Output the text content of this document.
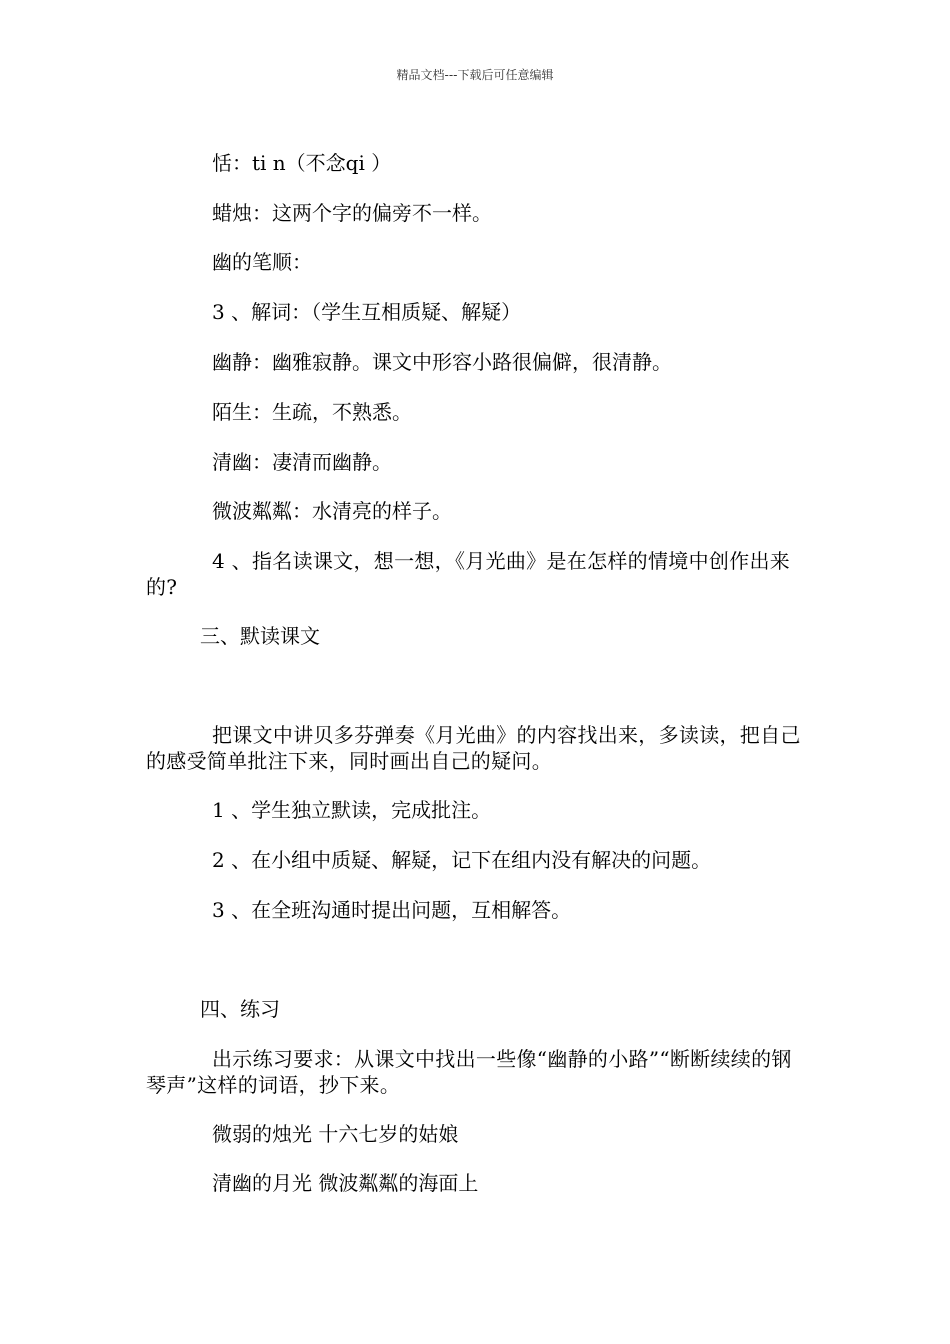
精品文档---下载后可任意编辑
恬：ti n（不念qi ）
蜡烛：这两个字的偏旁不一样。
幽的笔顺：
3 、解词：（学生互相质疑、解疑）
幽静：幽雅寂静。课文中形容小路很偏僻，很清静。
陌生：生疏，不熟悉。
清幽：凄清而幽静。
微波粼粼：水清亮的样子。
4 、指名读课文，想一想，《月光曲》是在怎样的情境中创作出来的?
三、默读课文
把课文中讲贝多芬弹奏《月光曲》的内容找出来，多读读，把自己的感受简单批注下来，同时画出自己的疑问。
1 、学生独立默读，完成批注。
2 、在小组中质疑、解疑，记下在组内没有解决的问题。
3 、在全班沟通时提出问题，互相解答。
四、练习
出示练习要求：从课文中找出一些像“幽静的小路”“断断续续的钢琴声”这样的词语，抄下来。
微弱的烛光 十六七岁的姑娘
清幽的月光 微波粼粼的海面上
